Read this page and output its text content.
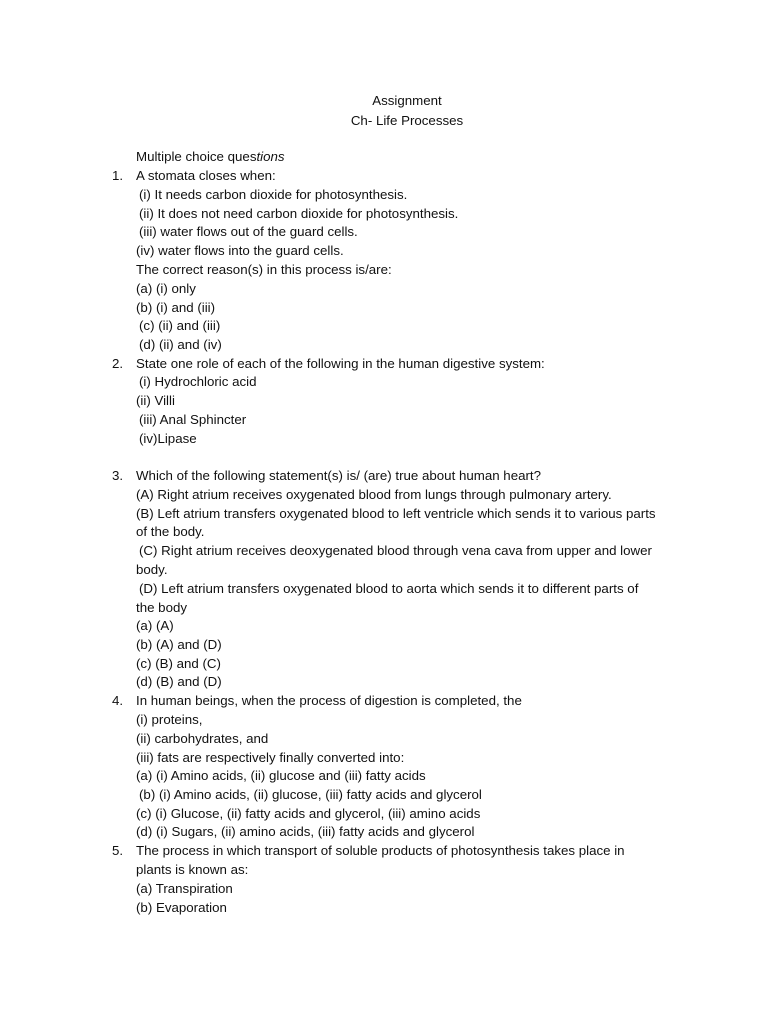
Assignment
Ch- Life Processes
Multiple choice questions
1. A stomata closes when:
(i) It needs carbon dioxide for photosynthesis.
(ii) It does not need carbon dioxide for photosynthesis.
(iii) water flows out of the guard cells.
(iv) water flows into the guard cells.
The correct reason(s) in this process is/are:
(a) (i) only
(b) (i) and (iii)
(c) (ii) and (iii)
(d) (ii) and (iv)
2. State one role of each of the following in the human digestive system:
(i) Hydrochloric acid
(ii) Villi
(iii) Anal Sphincter
(iv)Lipase
3. Which of the following statement(s) is/ (are) true about human heart?
(A) Right atrium receives oxygenated blood from lungs through pulmonary artery.
(B) Left atrium transfers oxygenated blood to left ventricle which sends it to various parts
of the body.
(C) Right atrium receives deoxygenated blood through vena cava from upper and lower
body.
(D) Left atrium transfers oxygenated blood to aorta which sends it to different parts of
the body
(a) (A)
(b) (A) and (D)
(c) (B) and (C)
(d) (B) and (D)
4. In human beings, when the process of digestion is completed, the
(i) proteins,
(ii) carbohydrates, and
(iii) fats are respectively finally converted into:
(a) (i) Amino acids, (ii) glucose and (iii) fatty acids
(b) (i) Amino acids, (ii) glucose, (iii) fatty acids and glycerol
(c) (i) Glucose, (ii) fatty acids and glycerol, (iii) amino acids
(d) (i) Sugars, (ii) amino acids, (iii) fatty acids and glycerol
5. The process in which transport of soluble products of photosynthesis takes place in
plants is known as:
(a) Transpiration
(b) Evaporation
